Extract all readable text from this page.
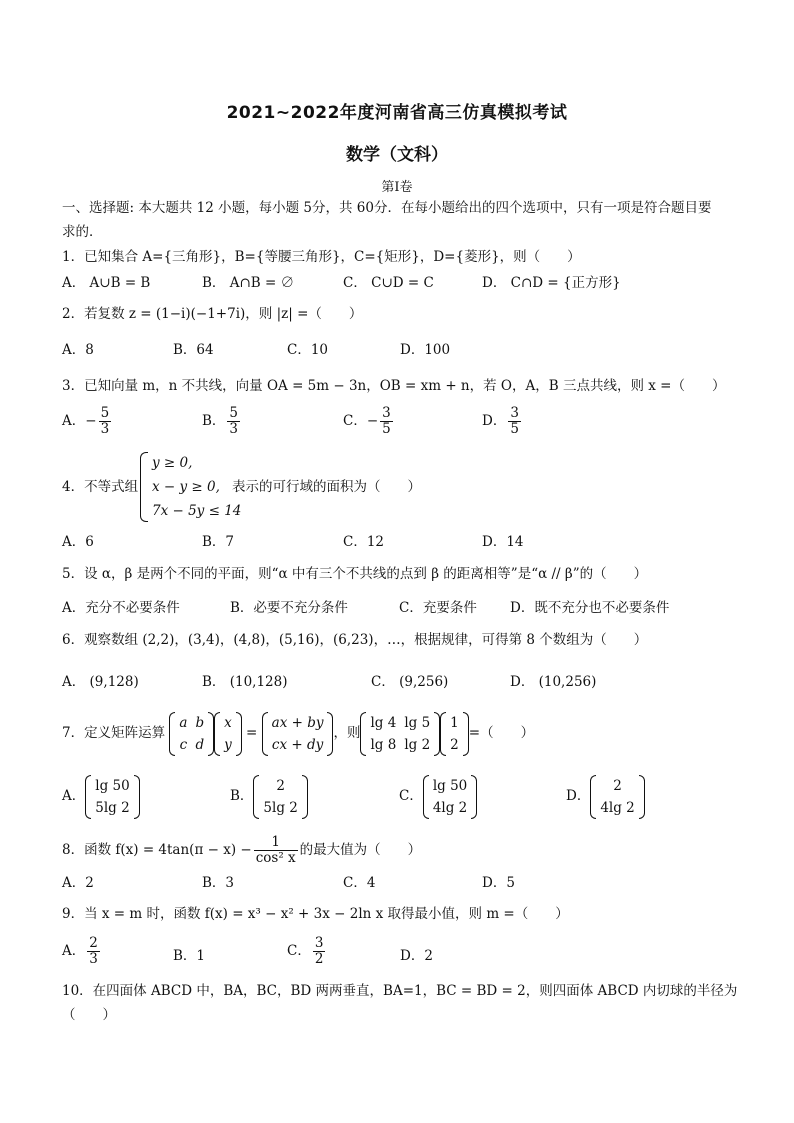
2021~2022年度河南省高三仿真模拟考试
数学（文科）
第Ⅰ卷
一、选择题: 本大题共 12 小题，每小题 5分，共 60分．在每小题给出的四个选项中，只有一项是符合题目要
求的．
1．已知集合 A={三角形}，B={等腰三角形}，C={矩形}，D={菱形}，则（　　）
A． A∪B = B	B． A∩B = ∅	C． C∪D = C	D． C∩D = {正方形}
2．若复数 z = (1−i)(−1+7i)，则 |z| =（　　）
A．8	B．64	C．10	D．100
3．已知向量 m，n 不共线，向量 OA = 5m − 3n，OB = xm + n，若 O，A，B 三点共线，则 x =（　　）
A．− $\frac{5}{3}$	B． $\frac{5}{3}$	C．− $\frac{3}{5}$	D． $\frac{3}{5}$
4．不等式组
y ≥ 0,
x − y ≥ 0,
7x − 5y ≤ 14
表示的可行域的面积为（　　）
A．6	B．7	C．12	D．14
5．设 α，β 是两个不同的平面，则“α 中有三个不共线的点到 β 的距离相等”是“α // β”的（　　）
A．充分不必要条件	B．必要不充分条件	C．充要条件 D．既不充分也不必要条件
6．观察数组 (2,2)，(3,4)，(4,8)，(5,16)，(6,23)，…，根据规律，可得第 8 个数组为（　　）
A． (9,128)	B． (10,128)	C． (9,256)	D． (10,256)
7．定义矩阵运算
a	b
c	d
x
y
=
ax + by
cx + dy
，则
lg 4	lg 5
lg 8	lg 2
1
2
=（　　）
A．
lg 50
5lg 2
B．
2
5lg 2
C．
lg 50
4lg 2
D．
2
4lg 2
8．函数 $f(x) = 4\tan(\pi - x) - \frac{1}{\text{cos² x}}$ 的最大值为（　　）
A．2	B．3	C．4	D．5
9．当 x = m 时，函数 f(x) = x³ − x² + 3x − 2ln x 取得最小值，则 m =（　　）
A． $\frac{2}{3}$	B．1	C． $\frac{3}{2}$	D．2
10．在四面体 ABCD 中，BA，BC，BD 两两垂直，BA=1，BC = BD = 2，则四面体 ABCD 内切球的半径为
（　　）
